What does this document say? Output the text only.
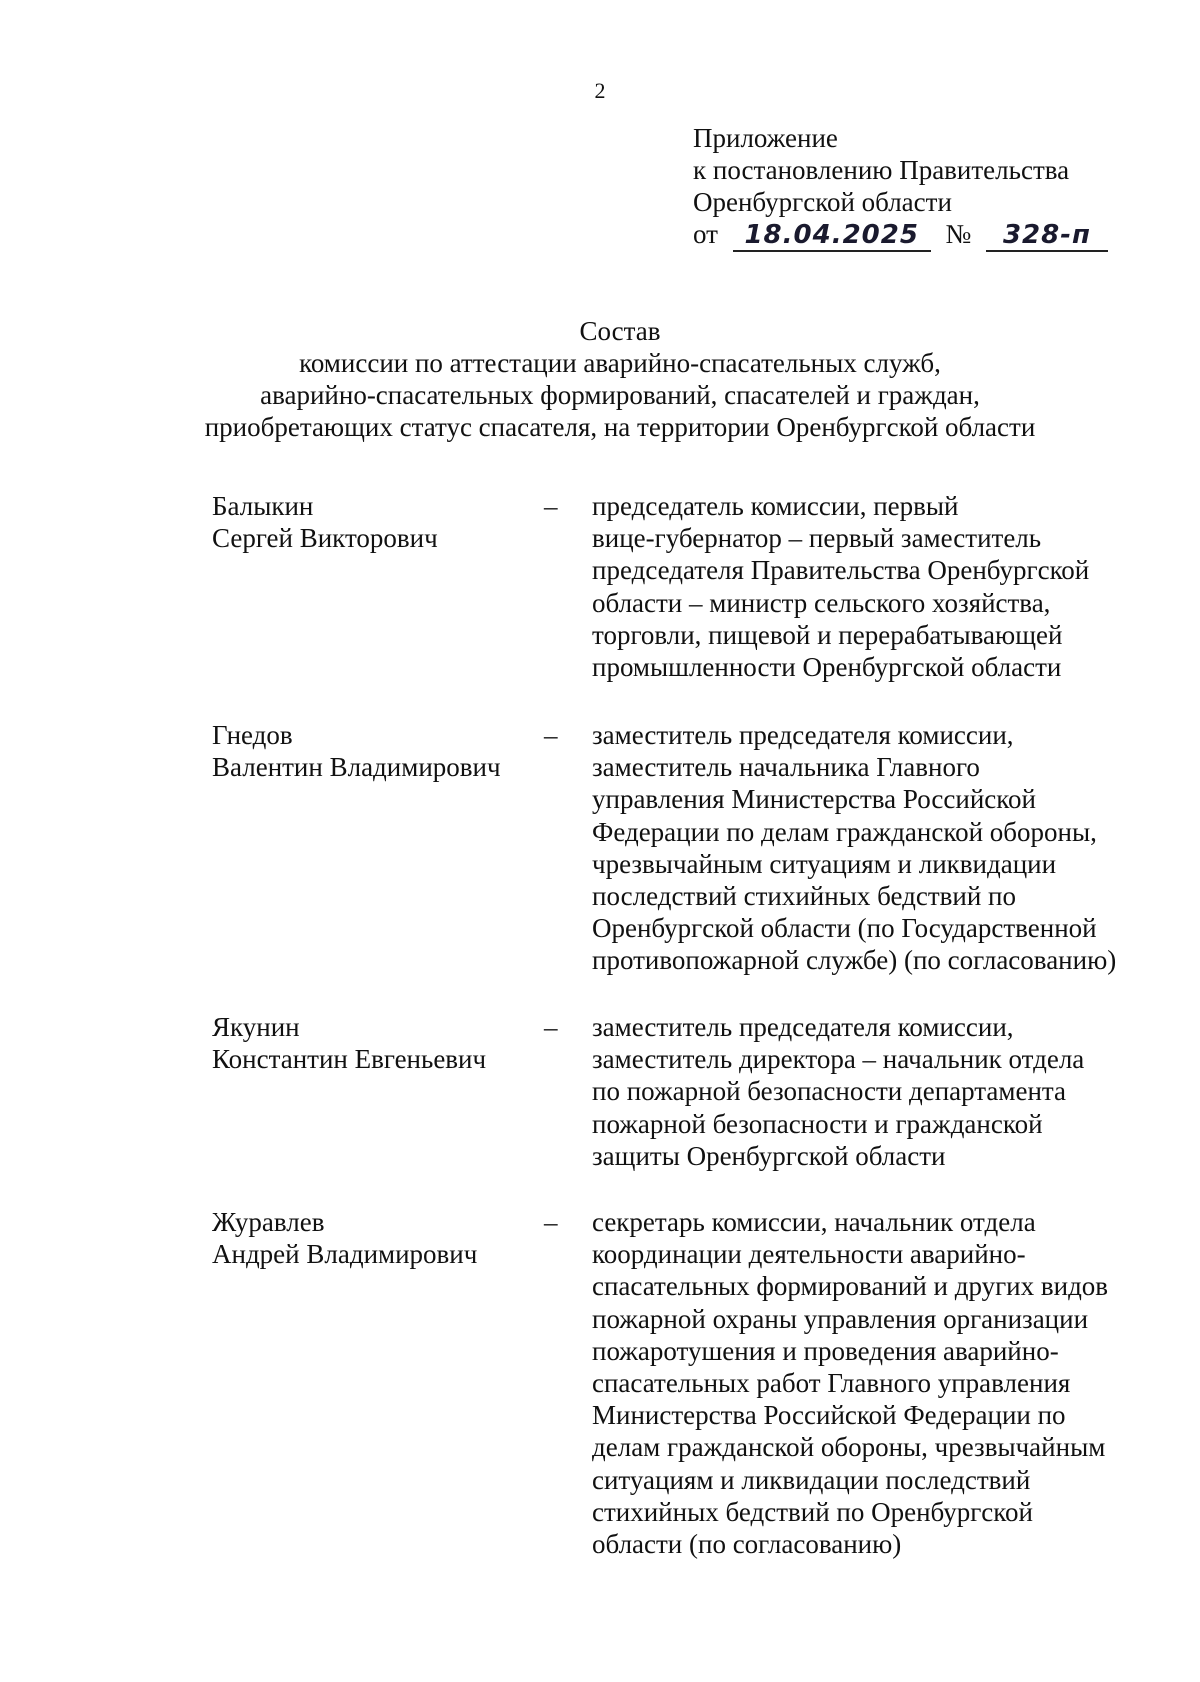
2
Приложение
к постановлению Правительства
Оренбургской области
от 18.04.2025 № 328-п
Состав
комиссии по аттестации аварийно-спасательных служб,
аварийно-спасательных формирований, спасателей и граждан,
приобретающих статус спасателя, на территории Оренбургской области
Балыкин
Сергей Викторович
– председатель комиссии, первый
вице-губернатор – первый заместитель
председателя Правительства Оренбургской
области – министр сельского хозяйства,
торговли, пищевой и перерабатывающей
промышленности Оренбургской области
Гнедов
Валентин Владимирович
– заместитель председателя комиссии,
заместитель начальника Главного
управления Министерства Российской
Федерации по делам гражданской обороны,
чрезвычайным ситуациям и ликвидации
последствий стихийных бедствий по
Оренбургской области (по Государственной
противопожарной службе) (по согласованию)
Якунин
Константин Евгеньевич
– заместитель председателя комиссии,
заместитель директора – начальник отдела
по пожарной безопасности департамента
пожарной безопасности и гражданской
защиты Оренбургской области
Журавлев
Андрей Владимирович
– секретарь комиссии, начальник отдела
координации деятельности аварийно-
спасательных формирований и других видов
пожарной охраны управления организации
пожаротушения и проведения аварийно-
спасательных работ Главного управления
Министерства Российской Федерации по
делам гражданской обороны, чрезвычайным
ситуациям и ликвидации последствий
стихийных бедствий по Оренбургской
области (по согласованию)
